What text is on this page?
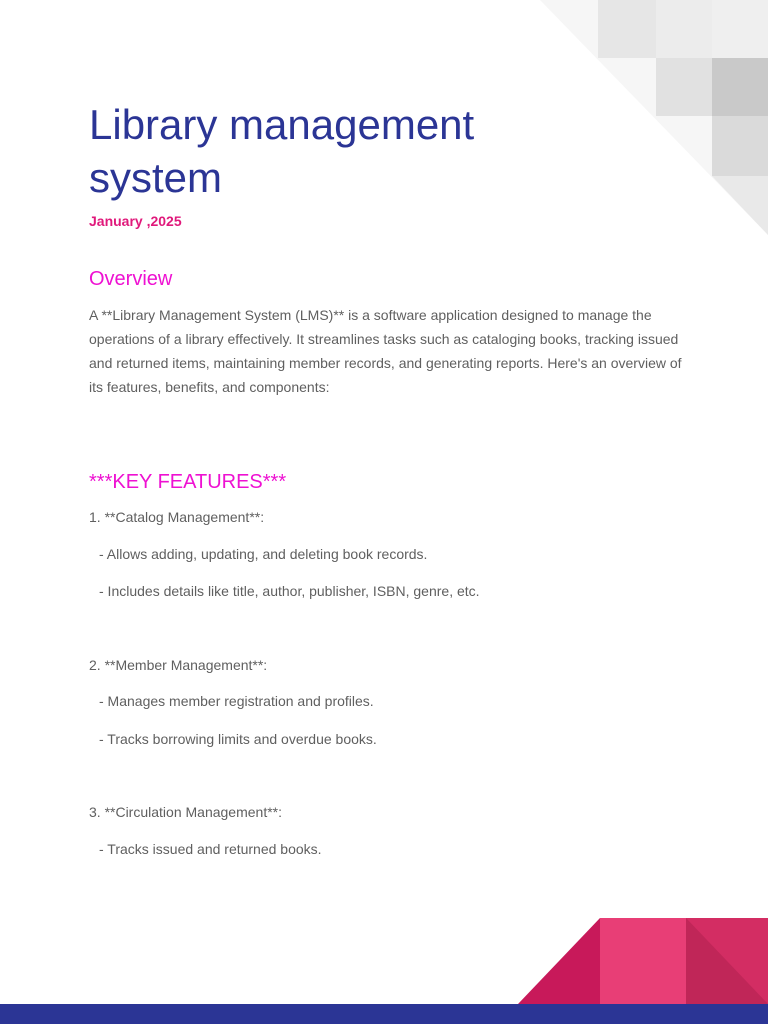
Library management system
January ,2025
Overview

A **Library Management System (LMS)** is a software application designed to manage the operations of a library effectively. It streamlines tasks such as cataloging books, tracking issued and returned items, maintaining member records, and generating reports. Here's an overview of its features, benefits, and components:

***KEY FEATURES***
1. **Catalog Management**:
- Allows adding, updating, and deleting book records.
- Includes details like title, author, publisher, ISBN, genre, etc.
2. **Member Management**:
- Manages member registration and profiles.
- Tracks borrowing limits and overdue books.
3. **Circulation Management**:
- Tracks issued and returned books.
